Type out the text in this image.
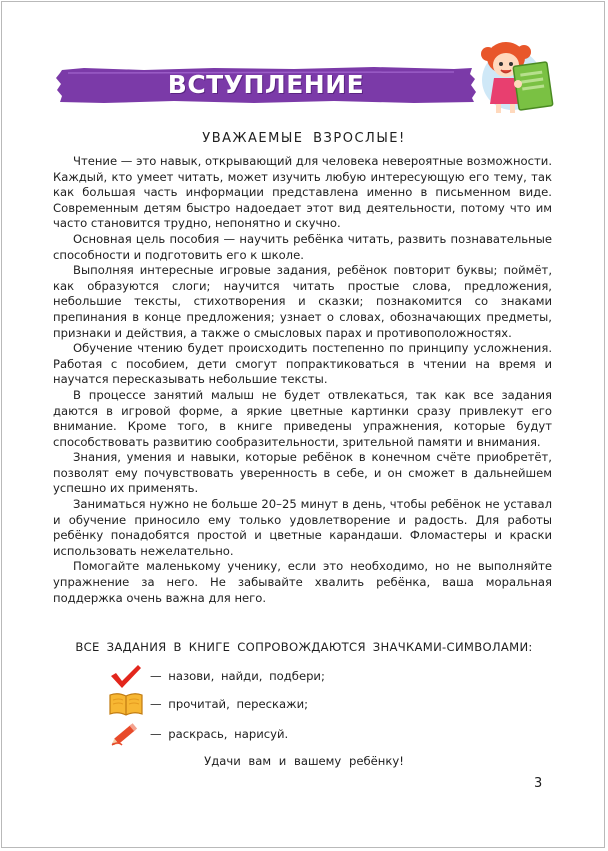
ВСТУПЛЕНИЕ
УВАЖАЕМЫЕ ВЗРОСЛЫЕ!

Чтение — это навык, открывающий для человека невероятные возможности. Каждый, кто умеет читать, может изучить любую интересующую его тему, так как большая часть информации представлена именно в письменном виде. Современным детям быстро надоедает этот вид деятельности, потому что им часто становится трудно, непонятно и скучно.

Основная цель пособия — научить ребёнка читать, развить познавательные способности и подготовить его к школе.

Выполняя интересные игровые задания, ребёнок повторит буквы; поймёт, как образуются слоги; научится читать простые слова, предложения, небольшие тексты, стихотворения и сказки; познакомится со знаками препинания в конце предложения; узнает о словах, обозначающих предметы, признаки и действия, а также о смысловых парах и противоположностях.

Обучение чтению будет происходить постепенно по принципу усложнения. Работая с пособием, дети смогут попрактиковаться в чтении на время и научатся пересказывать небольшие тексты.

В процессе занятий малыш не будет отвлекаться, так как все задания даются в игровой форме, а яркие цветные картинки сразу привлекут его внимание. Кроме того, в книге приведены упражнения, которые будут способствовать развитию сообразительности, зрительной памяти и внимания.

Знания, умения и навыки, которые ребёнок в конечном счёте приобретёт, позволят ему почувствовать уверенность в себе, и он сможет в дальнейшем успешно их применять.

Заниматься нужно не больше 20–25 минут в день, чтобы ребёнок не уставал и обучение приносило ему только удовлетворение и радость. Для работы ребёнку понадобятся простой и цветные карандаши. Фломастеры и краски использовать нежелательно.

Помогайте маленькому ученику, если это необходимо, но не выполняйте упражнение за него. Не забывайте хвалить ребёнка, ваша моральная поддержка очень важна для него.

ВСЕ ЗАДАНИЯ В КНИГЕ СОПРОВОЖДАЮТСЯ ЗНАЧКАМИ-СИМВОЛАМИ:
— назови, найди, подбери;
— прочитай, перескажи;
— раскрась, нарисуй.
Удачи вам и вашему ребёнку!
3
